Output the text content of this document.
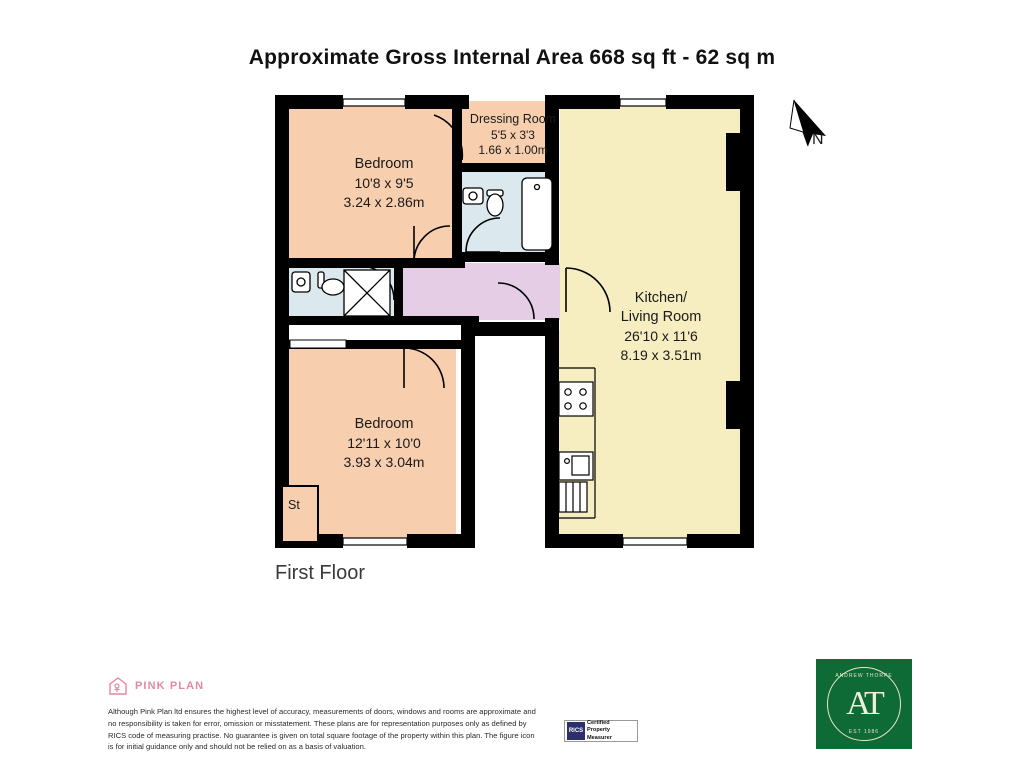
Approximate Gross Internal Area 668 sq ft - 62 sq m
N
Bedroom
10'8 x 9'5
3.24 x 2.86m
Dressing Room
5'5 x 3'3
1.66 x 1.00m
Kitchen/
Living Room
26'10 x 11'6
8.19 x 3.51m
Bedroom
12'11 x 10'0
3.93 x 3.04m
St
First Floor
PINK PLAN
Although Pink Plan ltd ensures the highest level of accuracy, measurements of doors, windows and rooms are approximate and no responsibility is taken for error, omission or misstatement. These plans are for representation purposes only as defined by RICS code of measuring practise. No guarantee is given on total square footage of the property within this plan. The figure icon is for initial guidance only and should not be relied on as a basis of valuation.
RICS
Certified
Property
Measurer
ANDREW THORPE
AT
EST 1986
